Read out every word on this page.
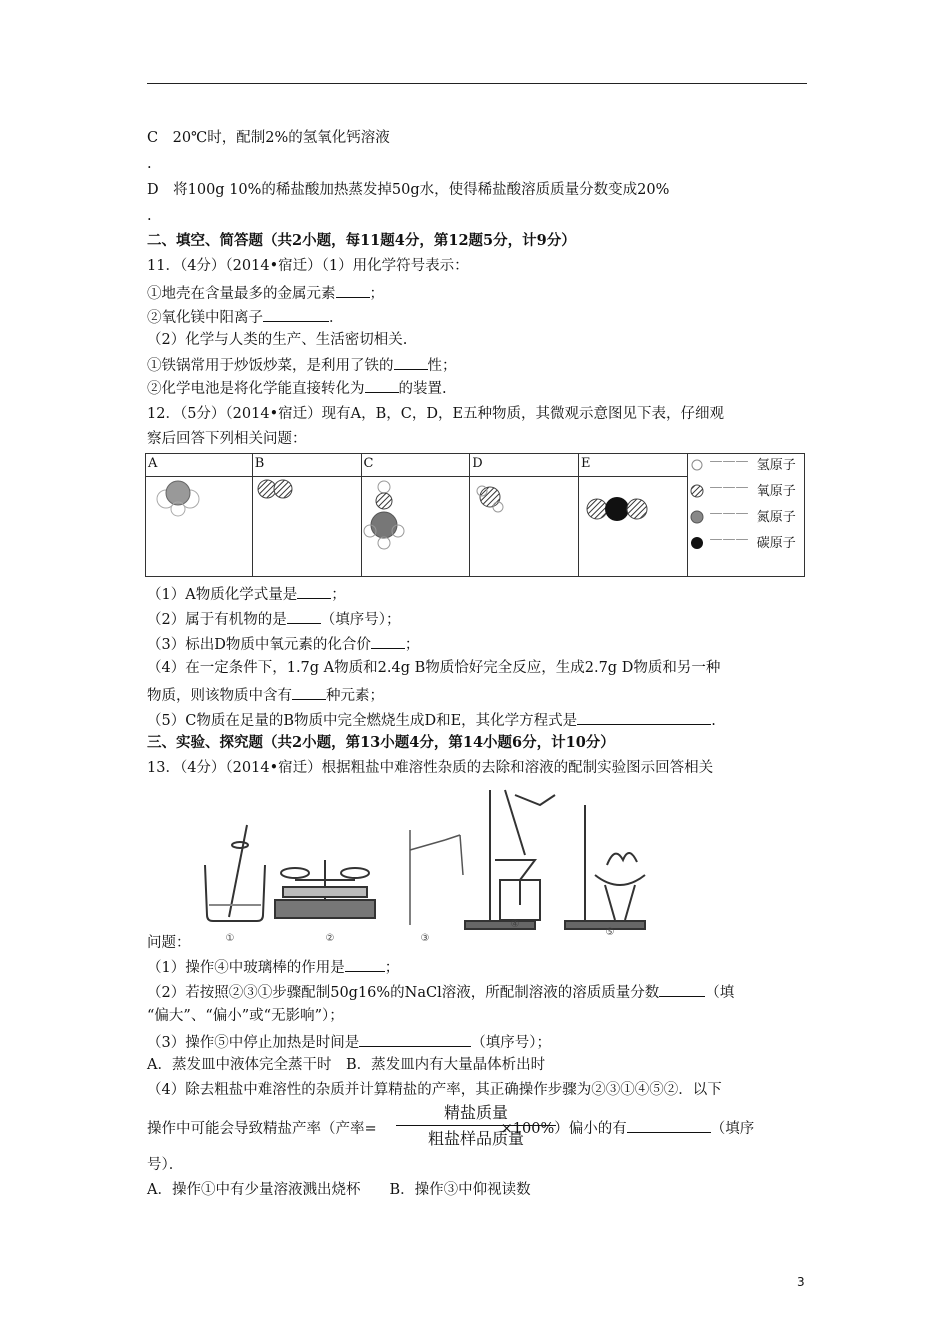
C　20℃时，配制2%的氢氧化钙溶液
.
D　将100g 10%的稀盐酸加热蒸发掉50g水，使得稀盐酸溶质质量分数变成20%
.
二、填空、简答题（共2小题，每11题4分，第12题5分，计9分）
11．（4分）（2014•宿迁）（1）用化学符号表示：
①地壳在含量最多的金属元素 ；
②氧化镁中阳离子	．
（2）化学与人类的生产、生活密切相关.
①铁锅常用于炒饭炒菜，是利用了铁的 性；
②化学电池是将化学能直接转化为 的装置.
12．（5分）（2014•宿迁）现有A，B，C，D，E五种物质，其微观示意图见下表，仔细观
察后回答下列相关问题：
A	B	C	D	E

		———	氢原子
	———	氧原子
	———	氮原子
	———	碳原子
（1）A物质化学式量是 ；
（2）属于有机物的是 （填序号）；
（3）标出D物质中氧元素的化合价 ；
（4）在一定条件下，1.7g A物质和2.4g B物质恰好完全反应，生成2.7g D物质和另一种
物质，则该物质中含有 种元素；
（5）C物质在足量的B物质中完全燃烧生成D和E，其化学方程式是	.
三、实验、探究题（共2小题，第13小题4分，第14小题6分，计10分）
13．（4分）（2014•宿迁）根据粗盐中难溶性杂质的去除和溶液的配制实验图示回答相关
①	②	③
④
⑤
问题：
（1）操作④中玻璃棒的作用是	；
（2）若按照②③①步骤配制50g16%的NaCl溶液，所配制溶液的溶质质量分数	（填
“偏大”、“偏小”或“无影响”）；
（3）操作⑤中停止加热是时间是	（填序号）；
A．蒸发皿中液体完全蒸干时　B．蒸发皿内有大量晶体析出时
（4）除去粗盐中难溶性的杂质并计算精盐的产率，其正确操作步骤为②③①④⑤②．以下
操作中可能会导致精盐产率（产率=	×100%）偏小的有	（填序
精盐质量
粗盐样品质量
号）．
A．操作①中有少量溶液溅出烧杯　　B．操作③中仰视读数
3
